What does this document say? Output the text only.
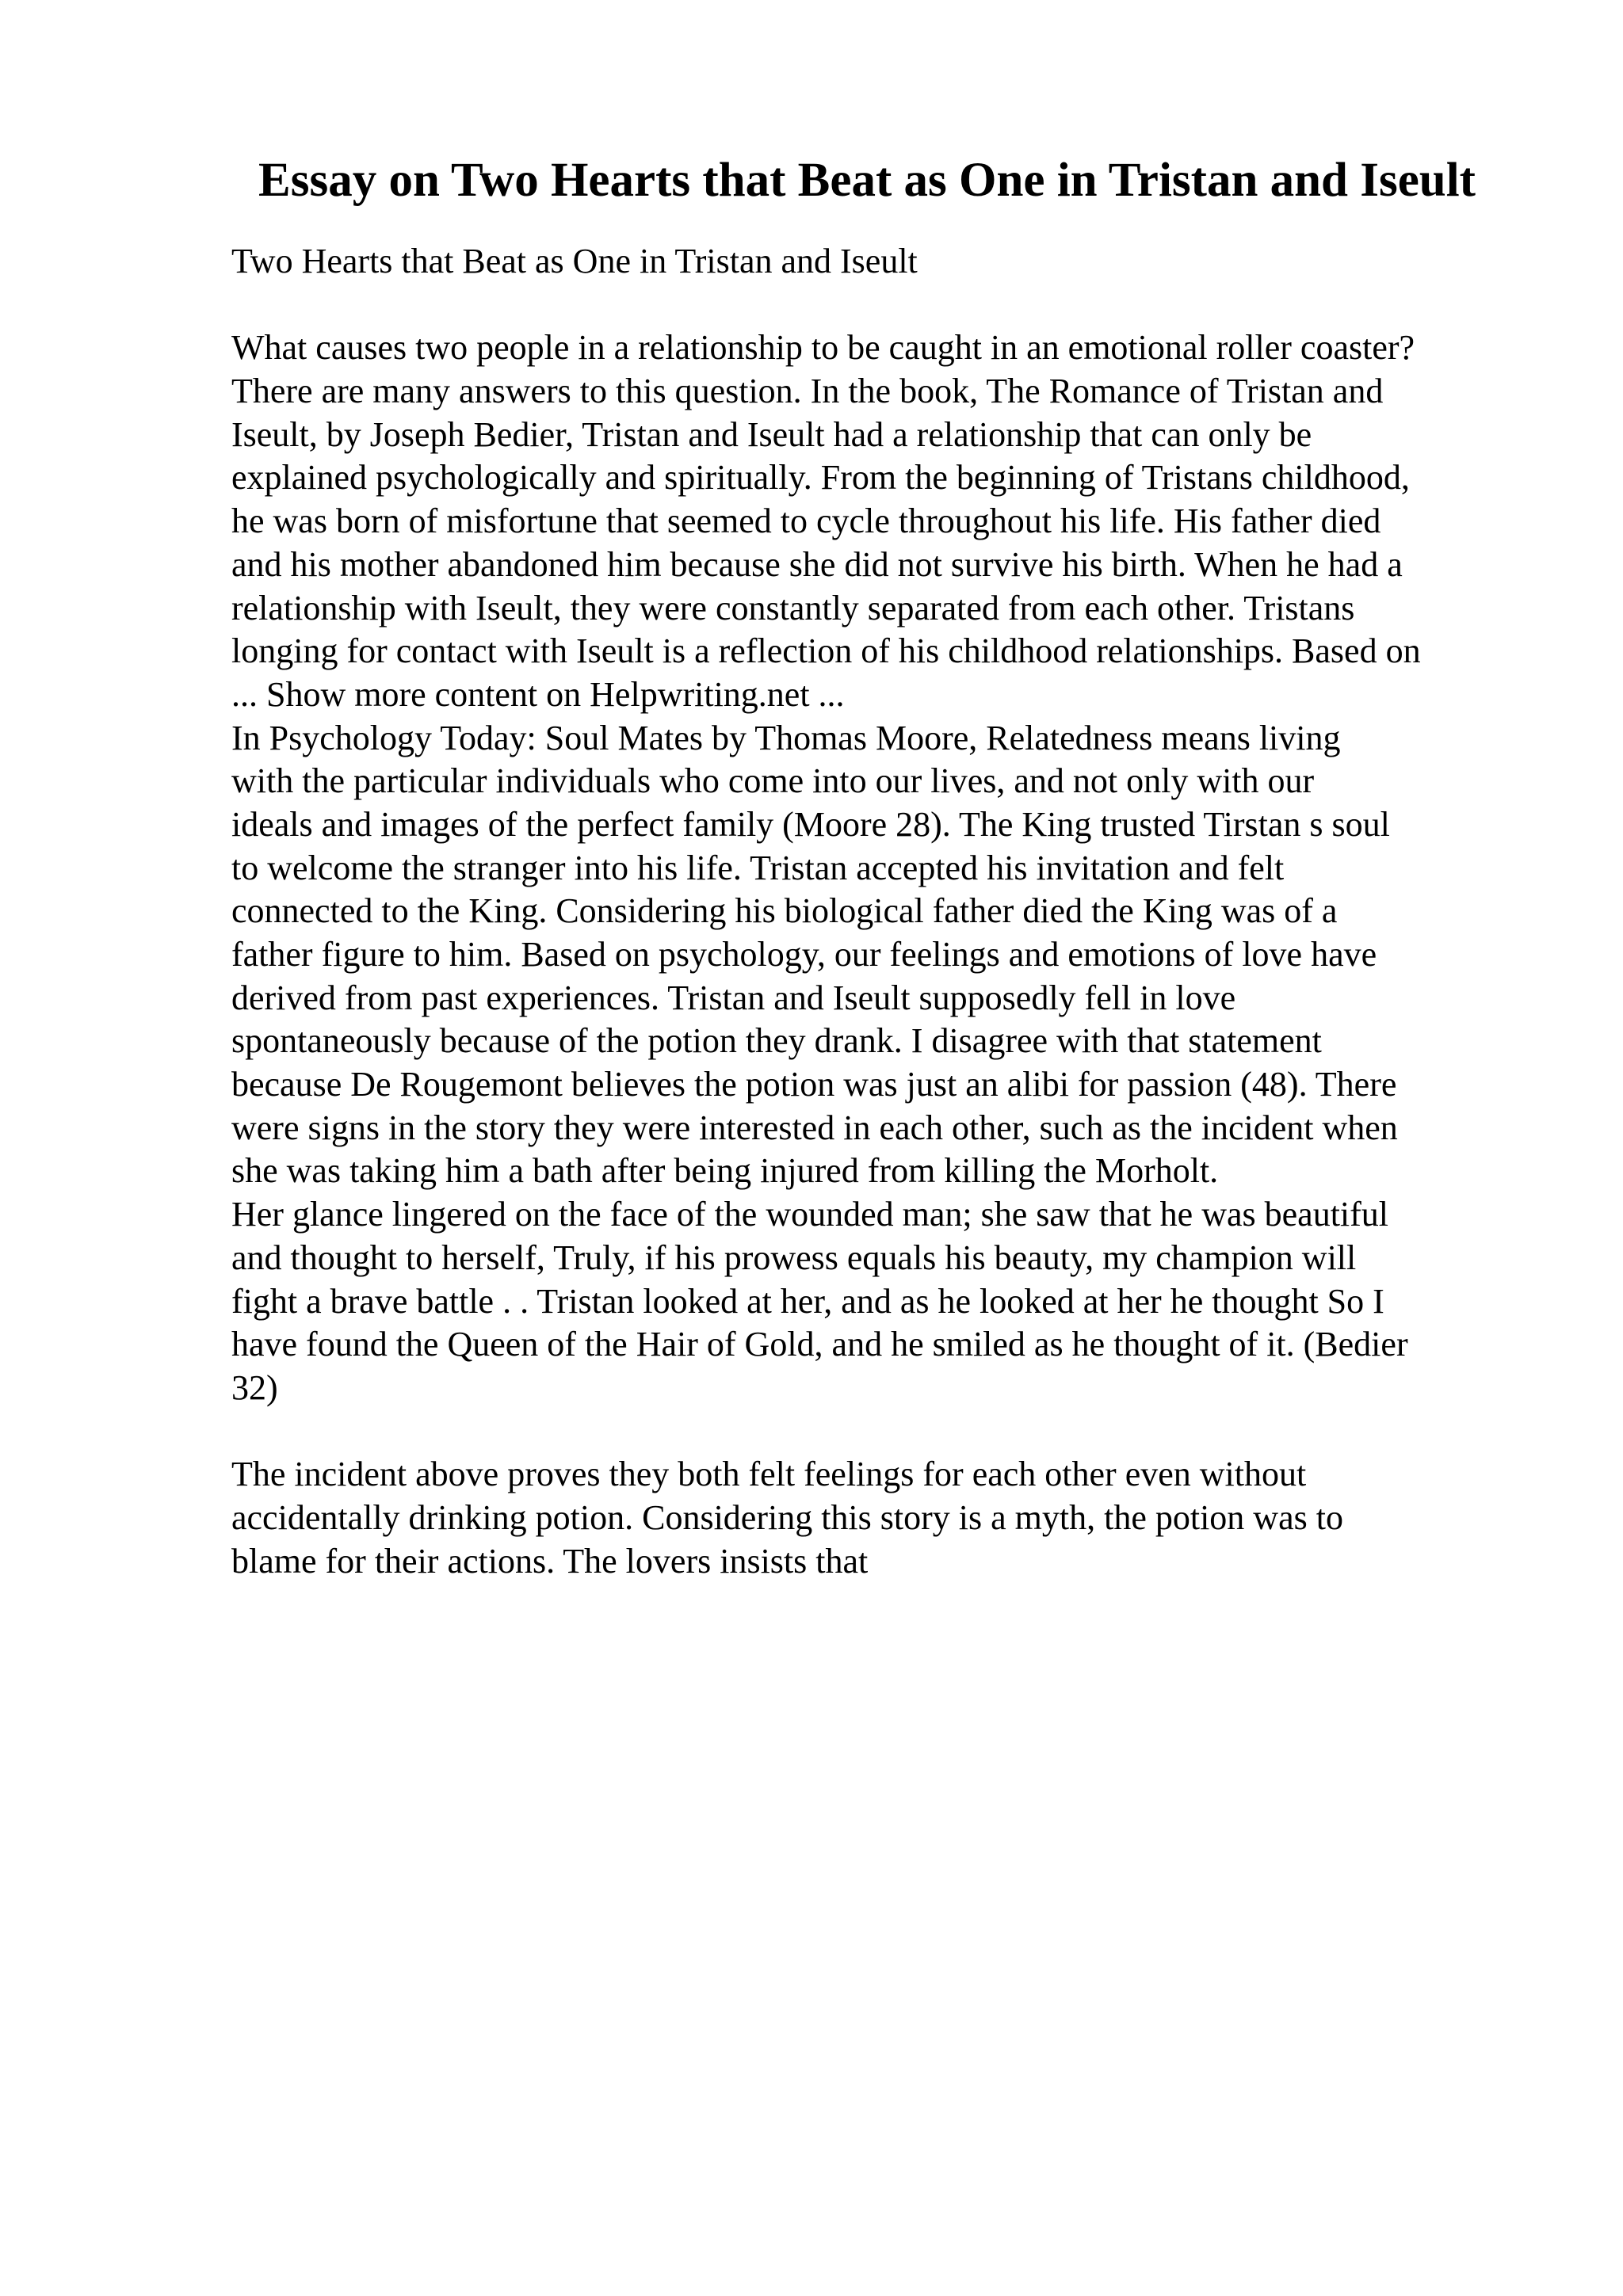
Essay on Two Hearts that Beat as One in Tristan and Iseult
Two Hearts that Beat as One in Tristan and Iseult
What causes two people in a relationship to be caught in an emotional roller coaster?
There are many answers to this question. In the book, The Romance of Tristan and
Iseult, by Joseph Bedier, Tristan and Iseult had a relationship that can only be
explained psychologically and spiritually. From the beginning of Tristans childhood,
he was born of misfortune that seemed to cycle throughout his life. His father died
and his mother abandoned him because she did not survive his birth. When he had a
relationship with Iseult, they were constantly separated from each other. Tristans
longing for contact with Iseult is a reflection of his childhood relationships. Based on
... Show more content on Helpwriting.net ...
In Psychology Today: Soul Mates by Thomas Moore, Relatedness means living
with the particular individuals who come into our lives, and not only with our
ideals and images of the perfect family (Moore 28). The King trusted Tirstan s soul
to welcome the stranger into his life. Tristan accepted his invitation and felt
connected to the King. Considering his biological father died the King was of a
father figure to him. Based on psychology, our feelings and emotions of love have
derived from past experiences. Tristan and Iseult supposedly fell in love
spontaneously because of the potion they drank. I disagree with that statement
because De Rougemont believes the potion was just an alibi for passion (48). There
were signs in the story they were interested in each other, such as the incident when
she was taking him a bath after being injured from killing the Morholt.
Her glance lingered on the face of the wounded man; she saw that he was beautiful
and thought to herself, Truly, if his prowess equals his beauty, my champion will
fight a brave battle . . Tristan looked at her, and as he looked at her he thought So I
have found the Queen of the Hair of Gold, and he smiled as he thought of it. (Bedier
32)
The incident above proves they both felt feelings for each other even without
accidentally drinking potion. Considering this story is a myth, the potion was to
blame for their actions. The lovers insists that
